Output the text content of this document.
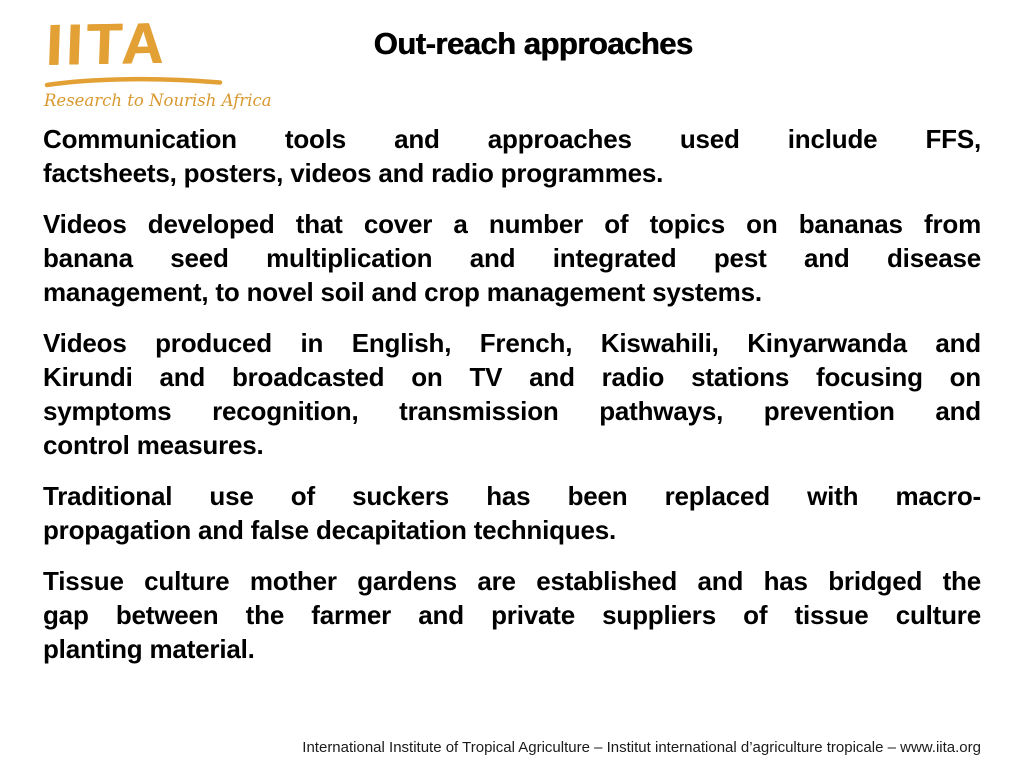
IITA
Research to Nourish Africa
Out-reach approaches
Communication tools and approaches used include FFS,
factsheets, posters, videos and radio programmes.
Videos developed that cover a number of topics on bananas from
banana seed multiplication and integrated pest and disease
management, to novel soil and crop management systems.
Videos produced in English, French, Kiswahili, Kinyarwanda and
Kirundi and broadcasted on TV and radio stations focusing on
symptoms recognition, transmission pathways, prevention and
control measures.
Traditional use of suckers has been replaced with macro-
propagation and false decapitation techniques.
Tissue culture mother gardens are established and has bridged the
gap between the farmer and private suppliers of tissue culture
planting material.
International Institute of Tropical Agriculture – Institut international d’agriculture tropicale – www.iita.org
